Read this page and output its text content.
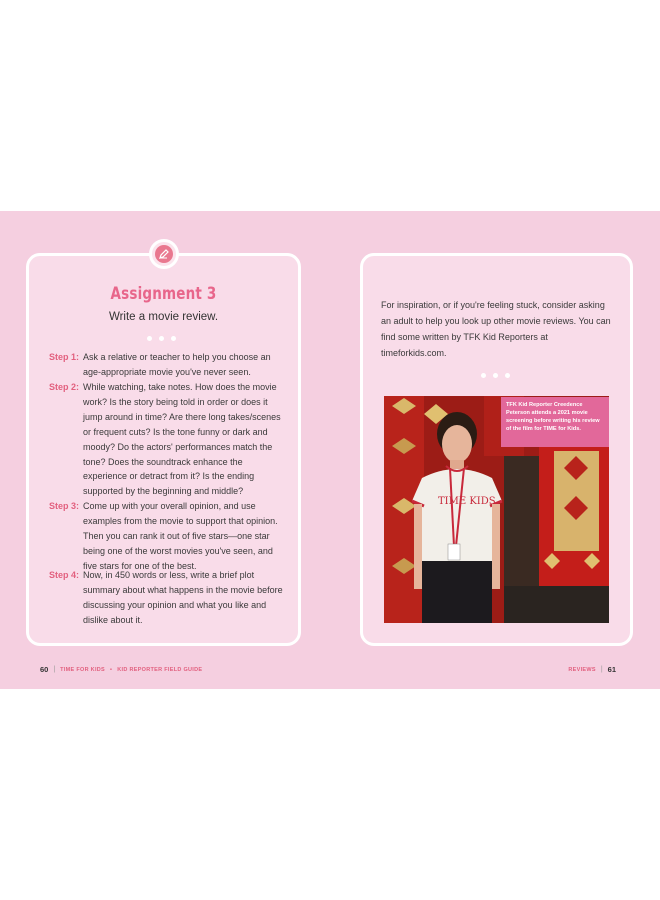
Assignment 3
Write a movie review.
Step 1: Ask a relative or teacher to help you choose an age-appropriate movie you've never seen.
Step 2: While watching, take notes. How does the movie work? Is the story being told in order or does it jump around in time? Are there long takes/scenes or frequent cuts? Is the tone funny or dark and moody? Do the actors' performances match the tone? Does the soundtrack enhance the experience or detract from it? Is the ending supported by the beginning and middle?
Step 3: Come up with your overall opinion, and use examples from the movie to support that opinion. Then you can rank it out of five stars—one star being one of the worst movies you've seen, and five stars for one of the best.
Step 4: Now, in 450 words or less, write a brief plot summary about what happens in the movie before discussing your opinion and what you like and dislike about it.
For inspiration, or if you're feeling stuck, consider asking an adult to help you look up other movie reviews. You can find some written by TFK Kid Reporters at timeforkids.com.
TIME KIDS
TFK Kid Reporter Creedence Peterson attends a 2021 movie screening before writing his review of the film for TIME for Kids.
60 | TIME FOR KIDS • KID REPORTER FIELD GUIDE	REVIEWS | 61
